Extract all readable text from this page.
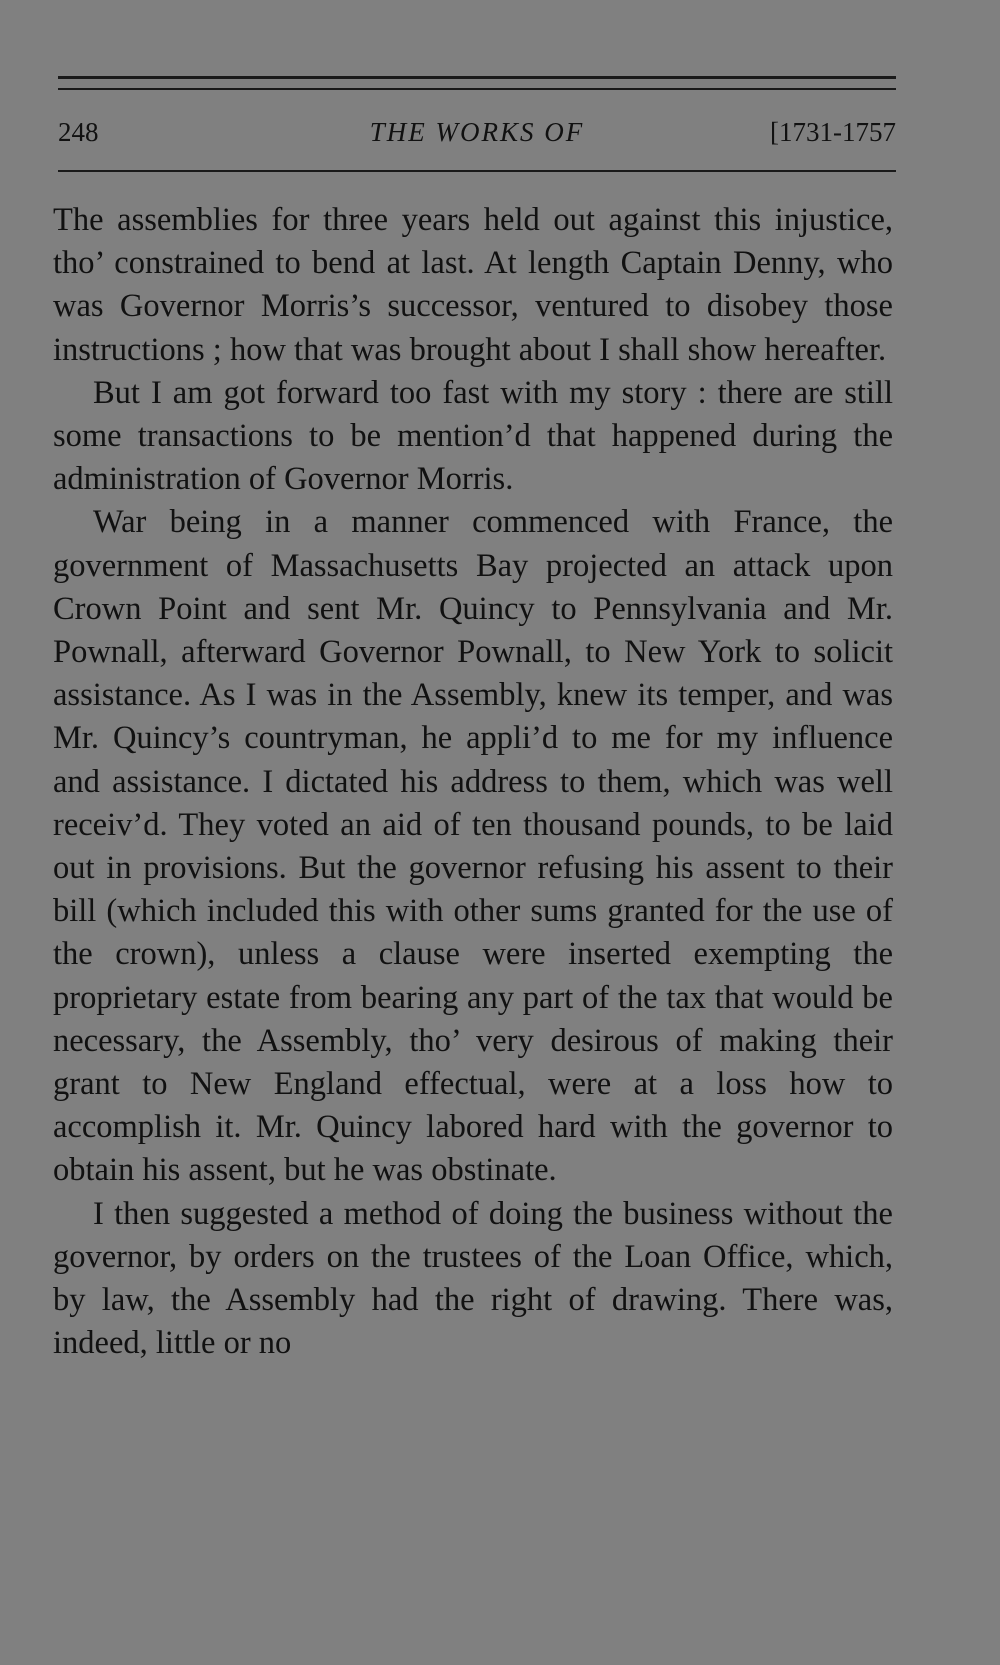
248	THE WORKS OF	[1731-1757

The assemblies for three years held out against this injustice, tho’ constrained to bend at last. At length Captain Denny, who was Governor Morris’s successor, ventured to disobey those instructions ; how that was brought about I shall show hereafter.

But I am got forward too fast with my story : there are still some transactions to be mention’d that happened during the administration of Governor Morris.

War being in a manner commenced with France, the government of Massachusetts Bay projected an attack upon Crown Point and sent Mr. Quincy to Pennsylvania and Mr. Pownall, afterward Governor Pownall, to New York to solicit assistance. As I was in the Assembly, knew its temper, and was Mr. Quincy’s countryman, he appli’d to me for my influence and assistance. I dictated his address to them, which was well receiv’d. They voted an aid of ten thousand pounds, to be laid out in provisions. But the governor refusing his assent to their bill (which included this with other sums granted for the use of the crown), unless a clause were inserted exempting the proprietary estate from bearing any part of the tax that would be necessary, the Assembly, tho’ very desirous of making their grant to New England effectual, were at a loss how to accomplish it. Mr. Quincy labored hard with the governor to obtain his assent, but he was obstinate.

I then suggested a method of doing the business without the governor, by orders on the trustees of the Loan Office, which, by law, the Assembly had the right of drawing. There was, indeed, little or no
